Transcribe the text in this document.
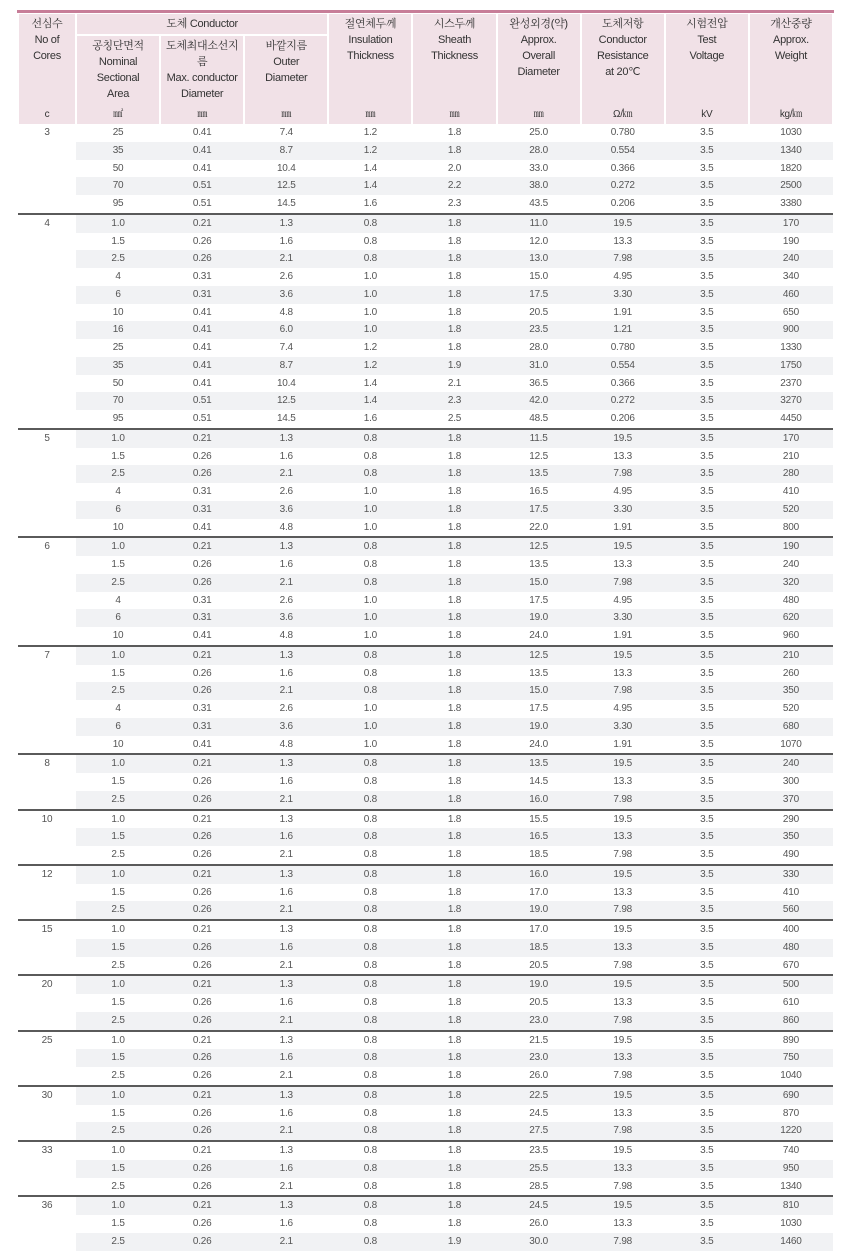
선심수
No of
Cores	도체 Conductor			절연체두께
Insulation
Thickness	시스두께
Sheath
Thickness	완성외경(약)
Approx.
Overall
Diameter	도체저항
Conductor
Resistance
at 20℃	시험전압
Test
Voltage	개산중량
Approx.
Weight

	공칭단면적
Nominal
Sectional
Area	도체최대소선지름
Max. conductor
Diameter	바깥지름
Outer
Diameter						

c	㎟	㎜	㎜	㎜	㎜	㎜	Ω/㎞	kV	kg/㎞
3	25	0.41	7.4	1.2	1.8	25.0	0.780	3.5	1030
	35	0.41	8.7	1.2	1.8	28.0	0.554	3.5	1340
	50	0.41	10.4	1.4	2.0	33.0	0.366	3.5	1820
	70	0.51	12.5	1.4	2.2	38.0	0.272	3.5	2500
	95	0.51	14.5	1.6	2.3	43.5	0.206	3.5	3380
4	1.0	0.21	1.3	0.8	1.8	11.0	19.5	3.5	170
	1.5	0.26	1.6	0.8	1.8	12.0	13.3	3.5	190
	2.5	0.26	2.1	0.8	1.8	13.0	7.98	3.5	240
	4	0.31	2.6	1.0	1.8	15.0	4.95	3.5	340
	6	0.31	3.6	1.0	1.8	17.5	3.30	3.5	460
	10	0.41	4.8	1.0	1.8	20.5	1.91	3.5	650
	16	0.41	6.0	1.0	1.8	23.5	1.21	3.5	900
	25	0.41	7.4	1.2	1.8	28.0	0.780	3.5	1330
	35	0.41	8.7	1.2	1.9	31.0	0.554	3.5	1750
	50	0.41	10.4	1.4	2.1	36.5	0.366	3.5	2370
	70	0.51	12.5	1.4	2.3	42.0	0.272	3.5	3270
	95	0.51	14.5	1.6	2.5	48.5	0.206	3.5	4450
5	1.0	0.21	1.3	0.8	1.8	11.5	19.5	3.5	170
	1.5	0.26	1.6	0.8	1.8	12.5	13.3	3.5	210
	2.5	0.26	2.1	0.8	1.8	13.5	7.98	3.5	280
	4	0.31	2.6	1.0	1.8	16.5	4.95	3.5	410
	6	0.31	3.6	1.0	1.8	17.5	3.30	3.5	520
	10	0.41	4.8	1.0	1.8	22.0	1.91	3.5	800
6	1.0	0.21	1.3	0.8	1.8	12.5	19.5	3.5	190
	1.5	0.26	1.6	0.8	1.8	13.5	13.3	3.5	240
	2.5	0.26	2.1	0.8	1.8	15.0	7.98	3.5	320
	4	0.31	2.6	1.0	1.8	17.5	4.95	3.5	480
	6	0.31	3.6	1.0	1.8	19.0	3.30	3.5	620
	10	0.41	4.8	1.0	1.8	24.0	1.91	3.5	960
7	1.0	0.21	1.3	0.8	1.8	12.5	19.5	3.5	210
	1.5	0.26	1.6	0.8	1.8	13.5	13.3	3.5	260
	2.5	0.26	2.1	0.8	1.8	15.0	7.98	3.5	350
	4	0.31	2.6	1.0	1.8	17.5	4.95	3.5	520
	6	0.31	3.6	1.0	1.8	19.0	3.30	3.5	680
	10	0.41	4.8	1.0	1.8	24.0	1.91	3.5	1070
8	1.0	0.21	1.3	0.8	1.8	13.5	19.5	3.5	240
	1.5	0.26	1.6	0.8	1.8	14.5	13.3	3.5	300
	2.5	0.26	2.1	0.8	1.8	16.0	7.98	3.5	370
10	1.0	0.21	1.3	0.8	1.8	15.5	19.5	3.5	290
	1.5	0.26	1.6	0.8	1.8	16.5	13.3	3.5	350
	2.5	0.26	2.1	0.8	1.8	18.5	7.98	3.5	490
12	1.0	0.21	1.3	0.8	1.8	16.0	19.5	3.5	330
	1.5	0.26	1.6	0.8	1.8	17.0	13.3	3.5	410
	2.5	0.26	2.1	0.8	1.8	19.0	7.98	3.5	560
15	1.0	0.21	1.3	0.8	1.8	17.0	19.5	3.5	400
	1.5	0.26	1.6	0.8	1.8	18.5	13.3	3.5	480
	2.5	0.26	2.1	0.8	1.8	20.5	7.98	3.5	670
20	1.0	0.21	1.3	0.8	1.8	19.0	19.5	3.5	500
	1.5	0.26	1.6	0.8	1.8	20.5	13.3	3.5	610
	2.5	0.26	2.1	0.8	1.8	23.0	7.98	3.5	860
25	1.0	0.21	1.3	0.8	1.8	21.5	19.5	3.5	890
	1.5	0.26	1.6	0.8	1.8	23.0	13.3	3.5	750
	2.5	0.26	2.1	0.8	1.8	26.0	7.98	3.5	1040
30	1.0	0.21	1.3	0.8	1.8	22.5	19.5	3.5	690
	1.5	0.26	1.6	0.8	1.8	24.5	13.3	3.5	870
	2.5	0.26	2.1	0.8	1.8	27.5	7.98	3.5	1220
33	1.0	0.21	1.3	0.8	1.8	23.5	19.5	3.5	740
	1.5	0.26	1.6	0.8	1.8	25.5	13.3	3.5	950
	2.5	0.26	2.1	0.8	1.8	28.5	7.98	3.5	1340
36	1.0	0.21	1.3	0.8	1.8	24.5	19.5	3.5	810
	1.5	0.26	1.6	0.8	1.8	26.0	13.3	3.5	1030
	2.5	0.26	2.1	0.8	1.9	30.0	7.98	3.5	1460
